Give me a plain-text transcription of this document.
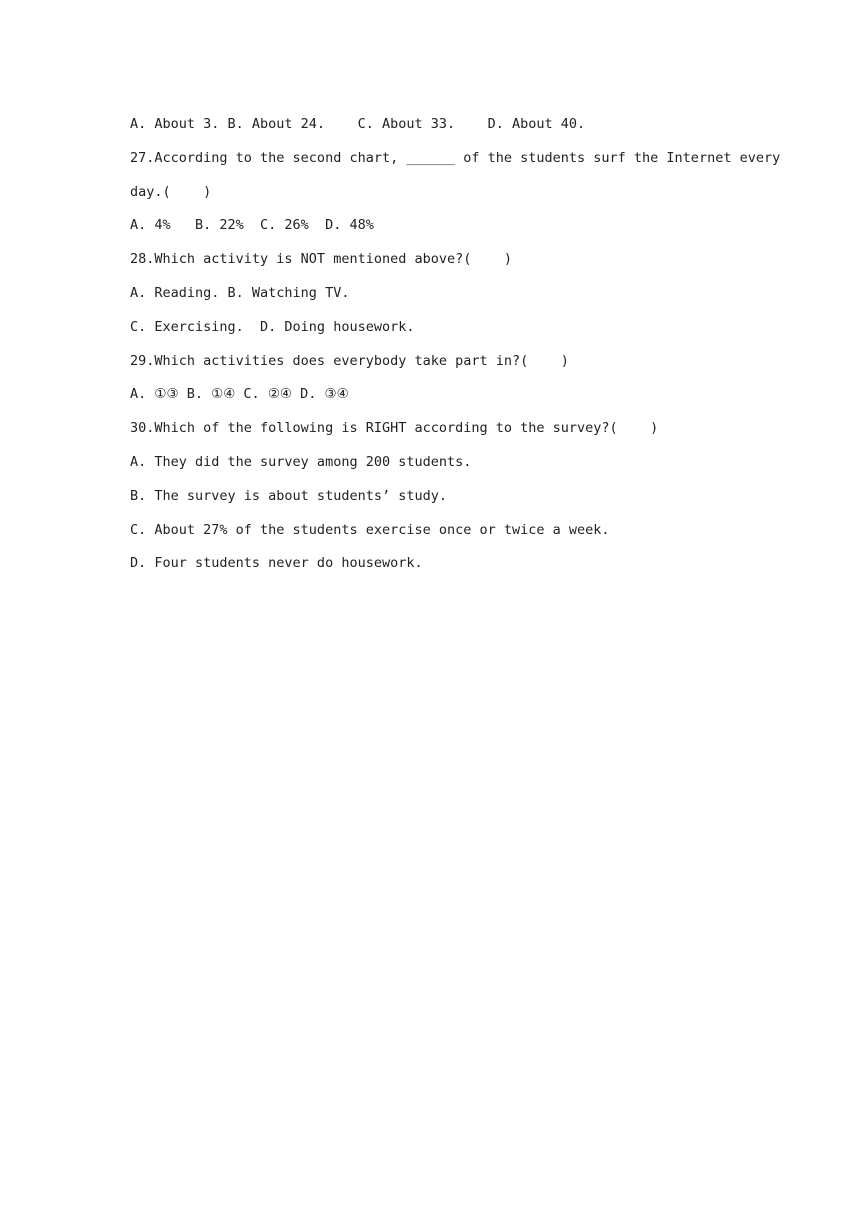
A. About 3. B. About 24.    C. About 33.    D. About 40.
27.According to the second chart, ______ of the students surf the Internet every
day.(    )
A. 4%   B. 22%  C. 26%  D. 48%
28.Which activity is NOT mentioned above?(    )
A. Reading. B. Watching TV.
C. Exercising.  D. Doing housework.
29.Which activities does everybody take part in?(    )
A. ①③ B. ①④ C. ②④ D. ③④
30.Which of the following is RIGHT according to the survey?(    )
A. They did the survey among 200 students.
B. The survey is about students’ study.
C. About 27% of the students exercise once or twice a week.
D. Four students never do housework.
